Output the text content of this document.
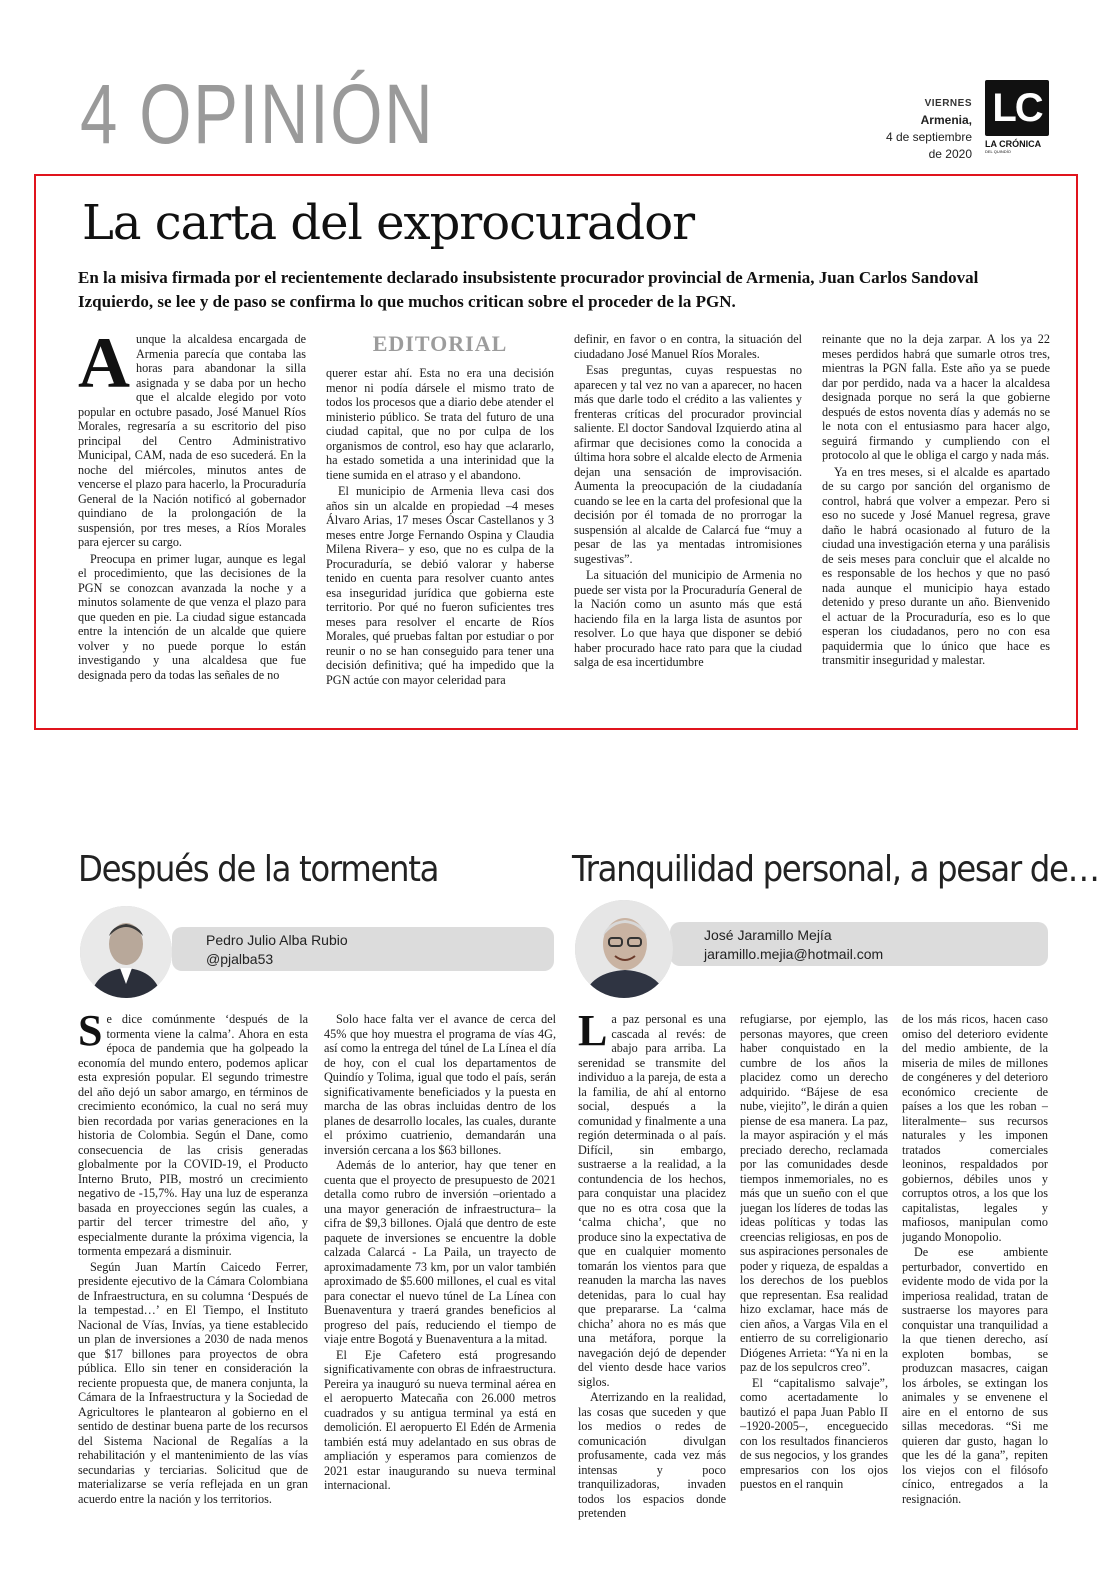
4 OPINIÓN	VIERNES
Armenia,
4 de septiembre
de 2020
LC
LA CRÓNICA
DEL QUINDÍO
La carta del exprocurador

En la misiva firmada por el recientemente declarado insubsistente procurador provincial de Armenia, Juan Carlos Sandoval Izquierdo, se lee y de paso se confirma lo que muchos critican sobre el proceder de la PGN.

A unque la alcaldesa encargada de Armenia parecía que contaba las horas para abandonar la silla asignada y se daba por un hecho que el alcalde elegido por voto popular en octubre pasado, José Manuel Ríos Morales, regresaría a su escritorio del piso principal del Centro Administrativo Municipal, CAM, nada de eso sucederá. En la noche del miércoles, minutos antes de vencerse el plazo para hacerlo, la Procuraduría General de la Nación notificó al gobernador quindiano de la prolongación de la suspensión, por tres meses, a Ríos Morales para ejercer su cargo.

Preocupa en primer lugar, aunque es legal el procedimiento, que las decisiones de la PGN se conozcan avanzada la noche y a minutos solamente de que venza el plazo para que queden en pie. La ciudad sigue estancada entre la intención de un alcalde que quiere volver y no puede porque lo están investigando y una alcaldesa que fue designada pero da todas las señales de no

EDITORIAL

querer estar ahí. Esta no era una decisión menor ni podía dársele el mismo trato de todos los procesos que a diario debe atender el ministerio público. Se trata del futuro de una ciudad capital, que no por culpa de los organismos de control, eso hay que aclararlo, ha estado sometida a una interinidad que la tiene sumida en el atraso y el abandono.

El municipio de Armenia lleva casi dos años sin un alcalde en propiedad –4 meses Álvaro Arias, 17 meses Óscar Castellanos y 3 meses entre Jorge Fernando Ospina y Claudia Milena Rivera– y eso, que no es culpa de la Procuraduría, se debió valorar y haberse tenido en cuenta para resolver cuanto antes esa inseguridad jurídica que gobierna este territorio. Por qué no fueron suficientes tres meses para resolver el encarte de Ríos Morales, qué pruebas faltan por estudiar o por reunir o no se han conseguido para tener una decisión definitiva; qué ha impedido que la PGN actúe con mayor celeridad para

definir, en favor o en contra, la situación del ciudadano José Manuel Ríos Morales.

Esas preguntas, cuyas respuestas no aparecen y tal vez no van a aparecer, no hacen más que darle todo el crédito a las valientes y frenteras críticas del procurador provincial saliente. El doctor Sandoval Izquierdo atina al afirmar que decisiones como la conocida a última hora sobre el alcalde electo de Armenia dejan una sensación de improvisación. Aumenta la preocupación de la ciudadanía cuando se lee en la carta del profesional que la decisión por él tomada de no prorrogar la suspensión al alcalde de Calarcá fue “muy a pesar de las ya mentadas intromisiones sugestivas”.

La situación del municipio de Armenia no puede ser vista por la Procuraduría General de la Nación como un asunto más que está haciendo fila en la larga lista de asuntos por resolver. Lo que haya que disponer se debió haber procurado hace rato para que la ciudad salga de esa incertidumbre

reinante que no la deja zarpar. A los ya 22 meses perdidos habrá que sumarle otros tres, mientras la PGN falla. Este año ya se puede dar por perdido, nada va a hacer la alcaldesa designada porque no será la que gobierne después de estos noventa días y además no se le nota con el entusiasmo para hacer algo, seguirá firmando y cumpliendo con el protocolo al que le obliga el cargo y nada más.

Ya en tres meses, si el alcalde es apartado de su cargo por sanción del organismo de control, habrá que volver a empezar. Pero si eso no sucede y José Manuel regresa, grave daño le habrá ocasionado al futuro de la ciudad una investigación eterna y una parálisis de seis meses para concluir que el alcalde no es responsable de los hechos y que no pasó nada aunque el municipio haya estado detenido y preso durante un año. Bienvenido el actuar de la Procuraduría, eso es lo que esperan los ciudadanos, pero no con esa paquidermia que lo único que hace es transmitir inseguridad y malestar.

Gerente: Sandra Cecilia Macías Palacio
Director de contenidos: Ernesto Acero Martínez
Jefe de Redacción: José Alejandro Castillo Jaramillo
Año: XXVIII - Número: 10122 ISSN 0122-297X Afiliado a Andiarios
Resolución Número 7222, Ministerio del Interior.
Dirección: Avenida Centenario #6-25, Armenia, Quindío
Conmutador: 746 9933
e-mail: directordecontenidos@cronicadelquindio.com
www.cronicadelquindio.com
Impreso por R.R. Editores, Pereira
LAS OPINIONES EXPRESADAS POR LOS COLUMNISTAS SON DE SU TOTAL Y ABSOLUTA RESPONSABILIDAD PERSONAL.
Diseño y Diagramación: Luz Miriam Orozco Soto - Nilton Sergio Motta Gil - John Jolmes Cardona Núñez - Astrid Rojas - María Fernanda Ramírez.
Después de la tormenta
Pedro Julio Alba Rubio
@pjalba53
S e dice comúnmente ‘después de la tormenta viene la calma’. Ahora en esta época de pandemia que ha golpeado la economía del mundo entero, podemos aplicar esta expresión popular. El segundo trimestre del año dejó un sabor amargo, en términos de crecimiento económico, la cual no será muy bien recordada por varias generaciones en la historia de Colombia. Según el Dane, como consecuencia de las crisis generadas globalmente por la COVID-19, el Producto Interno Bruto, PIB, mostró un crecimiento negativo de -15,7%. Hay una luz de esperanza basada en proyecciones según las cuales, a partir del tercer trimestre del año, y especialmente durante la próxima vigencia, la tormenta empezará a disminuir.

Según Juan Martín Caicedo Ferrer, presidente ejecutivo de la Cámara Colombiana de Infraestructura, en su columna ‘Después de la tempestad…’ en El Tiempo, el Instituto Nacional de Vías, Invías, ya tiene establecido un plan de inversiones a 2030 de nada menos que $17 billones para proyectos de obra pública. Ello sin tener en consideración la reciente propuesta que, de manera conjunta, la Cámara de la Infraestructura y la Sociedad de Agricultores le plantearon al gobierno en el sentido de destinar buena parte de los recursos del Sistema Nacional de Regalías a la rehabilitación y el mantenimiento de las vías secundarias y terciarias. Solicitud que de materializarse se vería reflejada en un gran acuerdo entre la nación y los territorios.

Solo hace falta ver el avance de cerca del 45% que hoy muestra el programa de vías 4G, así como la entrega del túnel de La Línea el día de hoy, con el cual los departamentos de Quindío y Tolima, igual que todo el país, serán significativamente beneficiados y la puesta en marcha de las obras incluidas dentro de los planes de desarrollo locales, las cuales, durante el próximo cuatrienio, demandarán una inversión cercana a los $63 billones.

Además de lo anterior, hay que tener en cuenta que el proyecto de presupuesto de 2021 detalla como rubro de inversión –orientado a una mayor generación de infraestructura– la cifra de $9,3 billones. Ojalá que dentro de este paquete de inversiones se encuentre la doble calzada Calarcá - La Paila, un trayecto de aproximadamente 73 km, por un valor también aproximado de $5.600 millones, el cual es vital para conectar el nuevo túnel de La Línea con Buenaventura y traerá grandes beneficios al progreso del país, reduciendo el tiempo de viaje entre Bogotá y Buenaventura a la mitad.

El Eje Cafetero está progresando significativamente con obras de infraestructura. Pereira ya inauguró su nueva terminal aérea en el aeropuerto Matecaña con 26.000 metros cuadrados y su antigua terminal ya está en demolición. El aeropuerto El Edén de Armenia también está muy adelantado en sus obras de ampliación y esperamos para comienzos de 2021 estar inaugurando su nueva terminal internacional.

Tranquilidad personal, a pesar de…
José Jaramillo Mejía
jaramillo.mejia@hotmail.com
L a paz personal es una cascada al revés: de abajo para arriba. La serenidad se transmite del individuo a la pareja, de esta a la familia, de ahí al entorno social, después a la comunidad y finalmente a una región determinada o al país. Difícil, sin embargo, sustraerse a la realidad, a la contundencia de los hechos, para conquistar una placidez que no es otra cosa que la ‘calma chicha’, que no produce sino la expectativa de que en cualquier momento tomarán los vientos para que reanuden la marcha las naves detenidas, para lo cual hay que prepararse. La ‘calma chicha’ ahora no es más que una metáfora, porque la navegación dejó de depender del viento desde hace varios siglos.

Aterrizando en la realidad, las cosas que suceden y que los medios o redes de comunicación divulgan profusamente, cada vez más intensas y poco tranquilizadoras, invaden todos los espacios donde pretenden

refugiarse, por ejemplo, las personas mayores, que creen haber conquistado en la cumbre de los años la placidez como un derecho adquirido. “Bájese de esa nube, viejito”, le dirán a quien piense de esa manera. La paz, la mayor aspiración y el más preciado derecho, reclamada por las comunidades desde tiempos inmemoriales, no es más que un sueño con el que juegan los líderes de todas las ideas políticas y todas las creencias religiosas, en pos de sus aspiraciones personales de poder y riqueza, de espaldas a los derechos de los pueblos que representan. Esa realidad hizo exclamar, hace más de cien años, a Vargas Vila en el entierro de su correligionario Diógenes Arrieta: “Ya ni en la paz de los sepulcros creo”.

El “capitalismo salvaje”, como acertadamente lo bautizó el papa Juan Pablo II –1920-2005–, enceguecido con los resultados financieros de sus negocios, y los grandes empresarios con los ojos puestos en el ranquin

de los más ricos, hacen caso omiso del deterioro evidente del medio ambiente, de la miseria de miles de millones de congéneres y del deterioro económico creciente de países a los que les roban –literalmente– sus recursos naturales y les imponen tratados comerciales leoninos, respaldados por gobiernos, débiles unos y corruptos otros, a los que los capitalistas, legales y mafiosos, manipulan como jugando Monopolio.

De ese ambiente perturbador, convertido en evidente modo de vida por la imperiosa realidad, tratan de sustraerse los mayores para conquistar una tranquilidad a la que tienen derecho, así exploten bombas, se produzcan masacres, caigan los árboles, se extingan los animales y se envenene el aire en el entorno de sus sillas mecedoras. “Si me quieren dar gusto, hagan lo que les dé la gana”, repiten los viejos con el filósofo cínico, entregados a la resignación.
